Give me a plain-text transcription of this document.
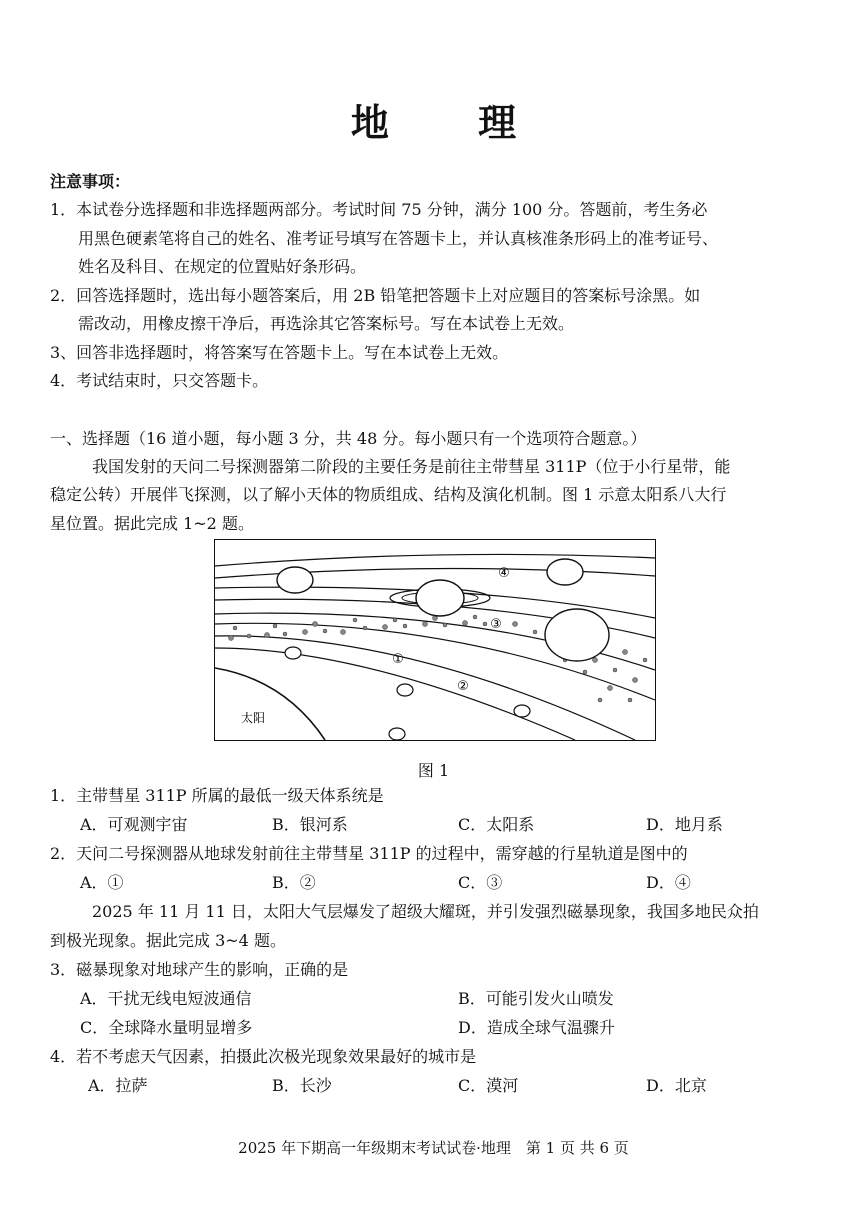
地 理
注意事项：
1．本试卷分选择题和非选择题两部分。考试时间 75 分钟，满分 100 分。答题前，考生务必
用黑色硬素笔将自己的姓名、准考证号填写在答题卡上，并认真核准条形码上的准考证号、
姓名及科目、在规定的位置贴好条形码。
2．回答选择题时，选出每小题答案后，用 2B 铅笔把答题卡上对应题目的答案标号涂黑。如
需改动，用橡皮擦干净后，再选涂其它答案标号。写在本试卷上无效。
3、回答非选择题时，将答案写在答题卡上。写在本试卷上无效。
4．考试结束时，只交答题卡。
一、选择题（16 道小题，每小题 3 分，共 48 分。每小题只有一个选项符合题意。）
我国发射的天问二号探测器第二阶段的主要任务是前往主带彗星 311P（位于小行星带，能
稳定公转）开展伴飞探测，以了解小天体的物质组成、结构及演化机制。图 1 示意太阳系八大行
星位置。据此完成 1~2 题。
①
②
③
④
太阳
图 1
1．主带彗星 311P 所属的最低一级天体系统是
A．可观测宇宙	B．银河系	C．太阳系	D．地月系
2．天问二号探测器从地球发射前往主带彗星 311P 的过程中，需穿越的行星轨道是图中的
A．①	B．②	C．③	D．④
2025 年 11 月 11 日，太阳大气层爆发了超级大耀斑，并引发强烈磁暴现象，我国多地民众拍
到极光现象。据此完成 3~4 题。
3．磁暴现象对地球产生的影响，正确的是
A．干扰无线电短波通信	B．可能引发火山喷发
C．全球降水量明显增多	D．造成全球气温骤升
4．若不考虑天气因素，拍摄此次极光现象效果最好的城市是
A．拉萨	B．长沙	C．漠河	D．北京
2025 年下期高一年级期末考试试卷·地理　第 1 页 共 6 页
